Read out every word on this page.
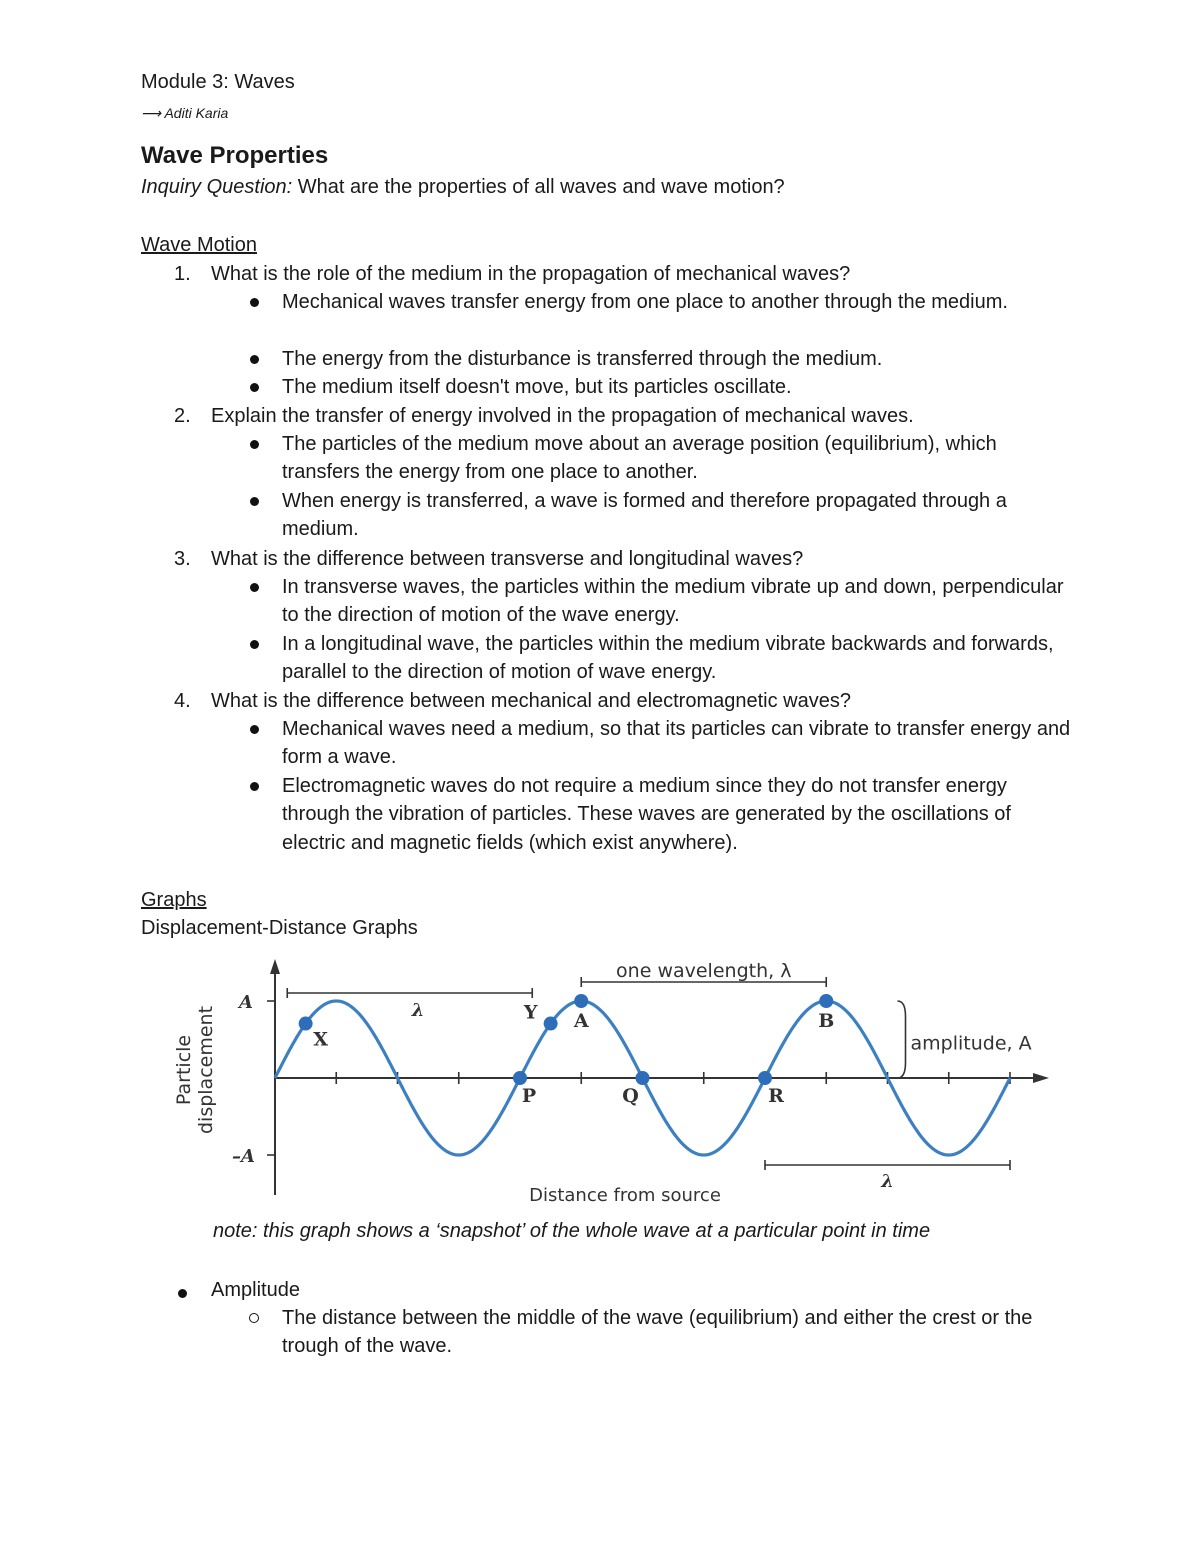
Module 3: Waves
⟶ Aditi Karia
Wave Properties
Inquiry Question: What are the properties of all waves and wave motion?
Wave Motion
1. What is the role of the medium in the propagation of mechanical waves?
Mechanical waves transfer energy from one place to another through the medium.
The energy from the disturbance is transferred through the medium.
The medium itself doesn't move, but its particles oscillate.
2. Explain the transfer of energy involved in the propagation of mechanical waves.
The particles of the medium move about an average position (equilibrium), which transfers the energy from one place to another.
When energy is transferred, a wave is formed and therefore propagated through a medium.
3. What is the difference between transverse and longitudinal waves?
In transverse waves, the particles within the medium vibrate up and down, perpendicular to the direction of motion of the wave energy.
In a longitudinal wave, the particles within the medium vibrate backwards and forwards, parallel to the direction of motion of wave energy.
4. What is the difference between mechanical and electromagnetic waves?
Mechanical waves need a medium, so that its particles can vibrate to transfer energy and form a wave.
Electromagnetic waves do not require a medium since they do not transfer energy through the vibration of particles. These waves are generated by the oscillations of electric and magnetic fields (which exist anywhere).
Graphs
Displacement-Distance Graphs
A
–A
Particledisplacement
Distance from source
λ
one wavelength, λ
λ
amplitude, A
X
Y A
P	Q	R
B
note: this graph shows a ‘snapshot’ of the whole wave at a particular point in time
Amplitude
The distance between the middle of the wave (equilibrium) and either the crest or the trough of the wave.
